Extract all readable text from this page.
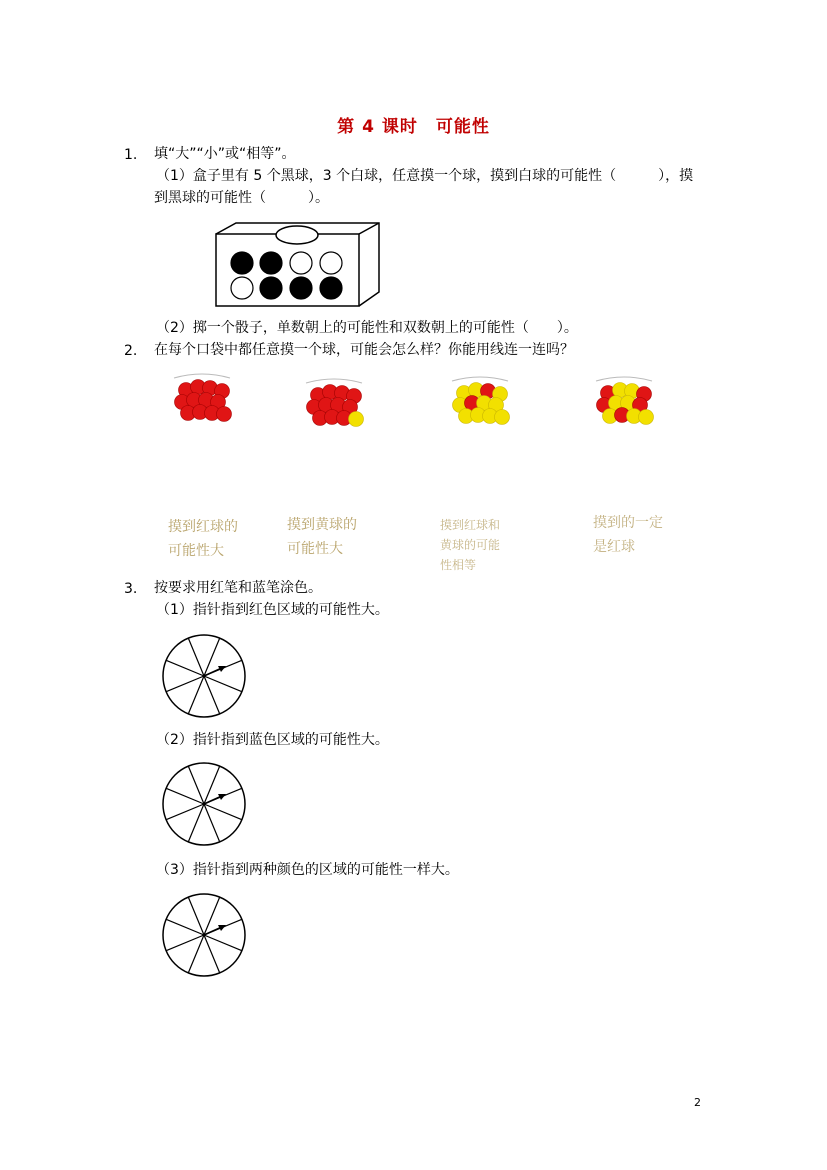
第 4 课时　可能性
1. 填“大”“小”或“相等”。
（1）盒子里有 5 个黑球，3 个白球，任意摸一个球，摸到白球的可能性（　　　），摸
到黑球的可能性（　　　）。
（2）掷一个骰子，单数朝上的可能性和双数朝上的可能性（　　）。
2. 在每个口袋中都任意摸一个球，可能会怎么样？你能用线连一连吗？
摸到红球的
可能性大
摸到黄球的
可能性大
摸到红球和
黄球的可能
性相等
摸到的一定
是红球
3. 按要求用红笔和蓝笔涂色。
（1）指针指到红色区域的可能性大。
（2）指针指到蓝色区域的可能性大。
（3）指针指到两种颜色的区域的可能性一样大。
2
